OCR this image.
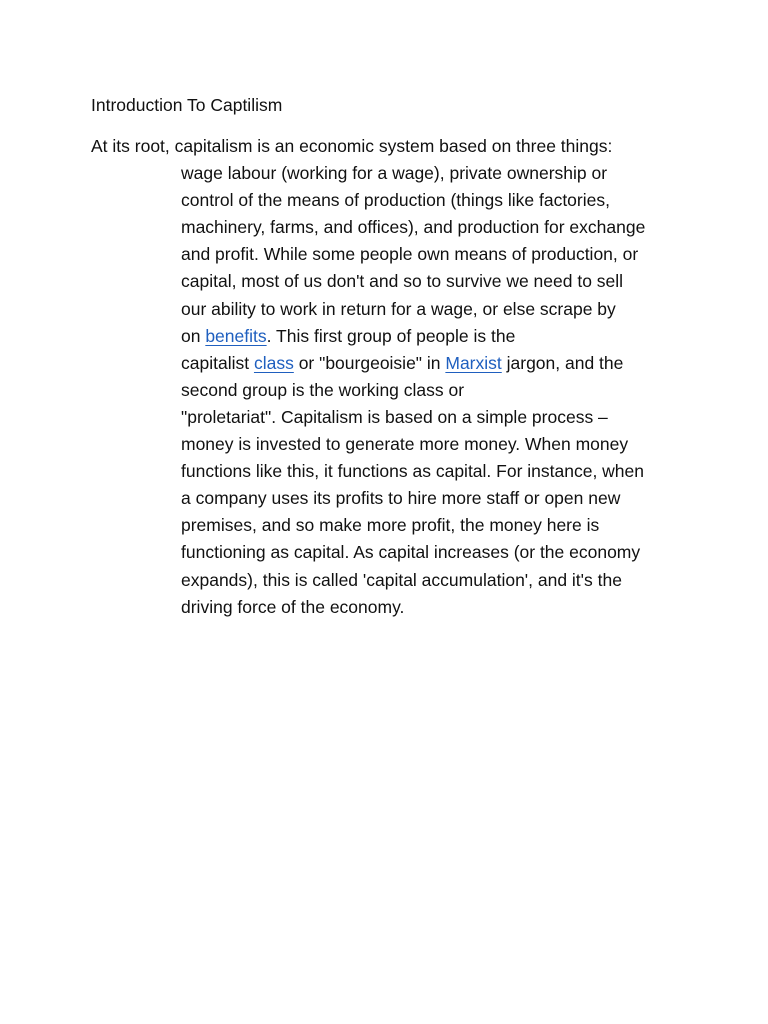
Introduction To Captilism
At its root, capitalism is an economic system based on three things:
wage labour (working for a wage), private ownership or
control of the means of production (things like factories,
machinery, farms, and offices), and production for exchange
and profit. While some people own means of production, or
capital, most of us don't and so to survive we need to sell
our ability to work in return for a wage, or else scrape by
on benefits. This first group of people is the
capitalist class or "bourgeoisie" in Marxist jargon, and the
second group is the working class or
"proletariat". Capitalism is based on a simple process –
money is invested to generate more money. When money
functions like this, it functions as capital. For instance, when
a company uses its profits to hire more staff or open new
premises, and so make more profit, the money here is
functioning as capital. As capital increases (or the economy
expands), this is called 'capital accumulation', and it's the
driving force of the economy.
